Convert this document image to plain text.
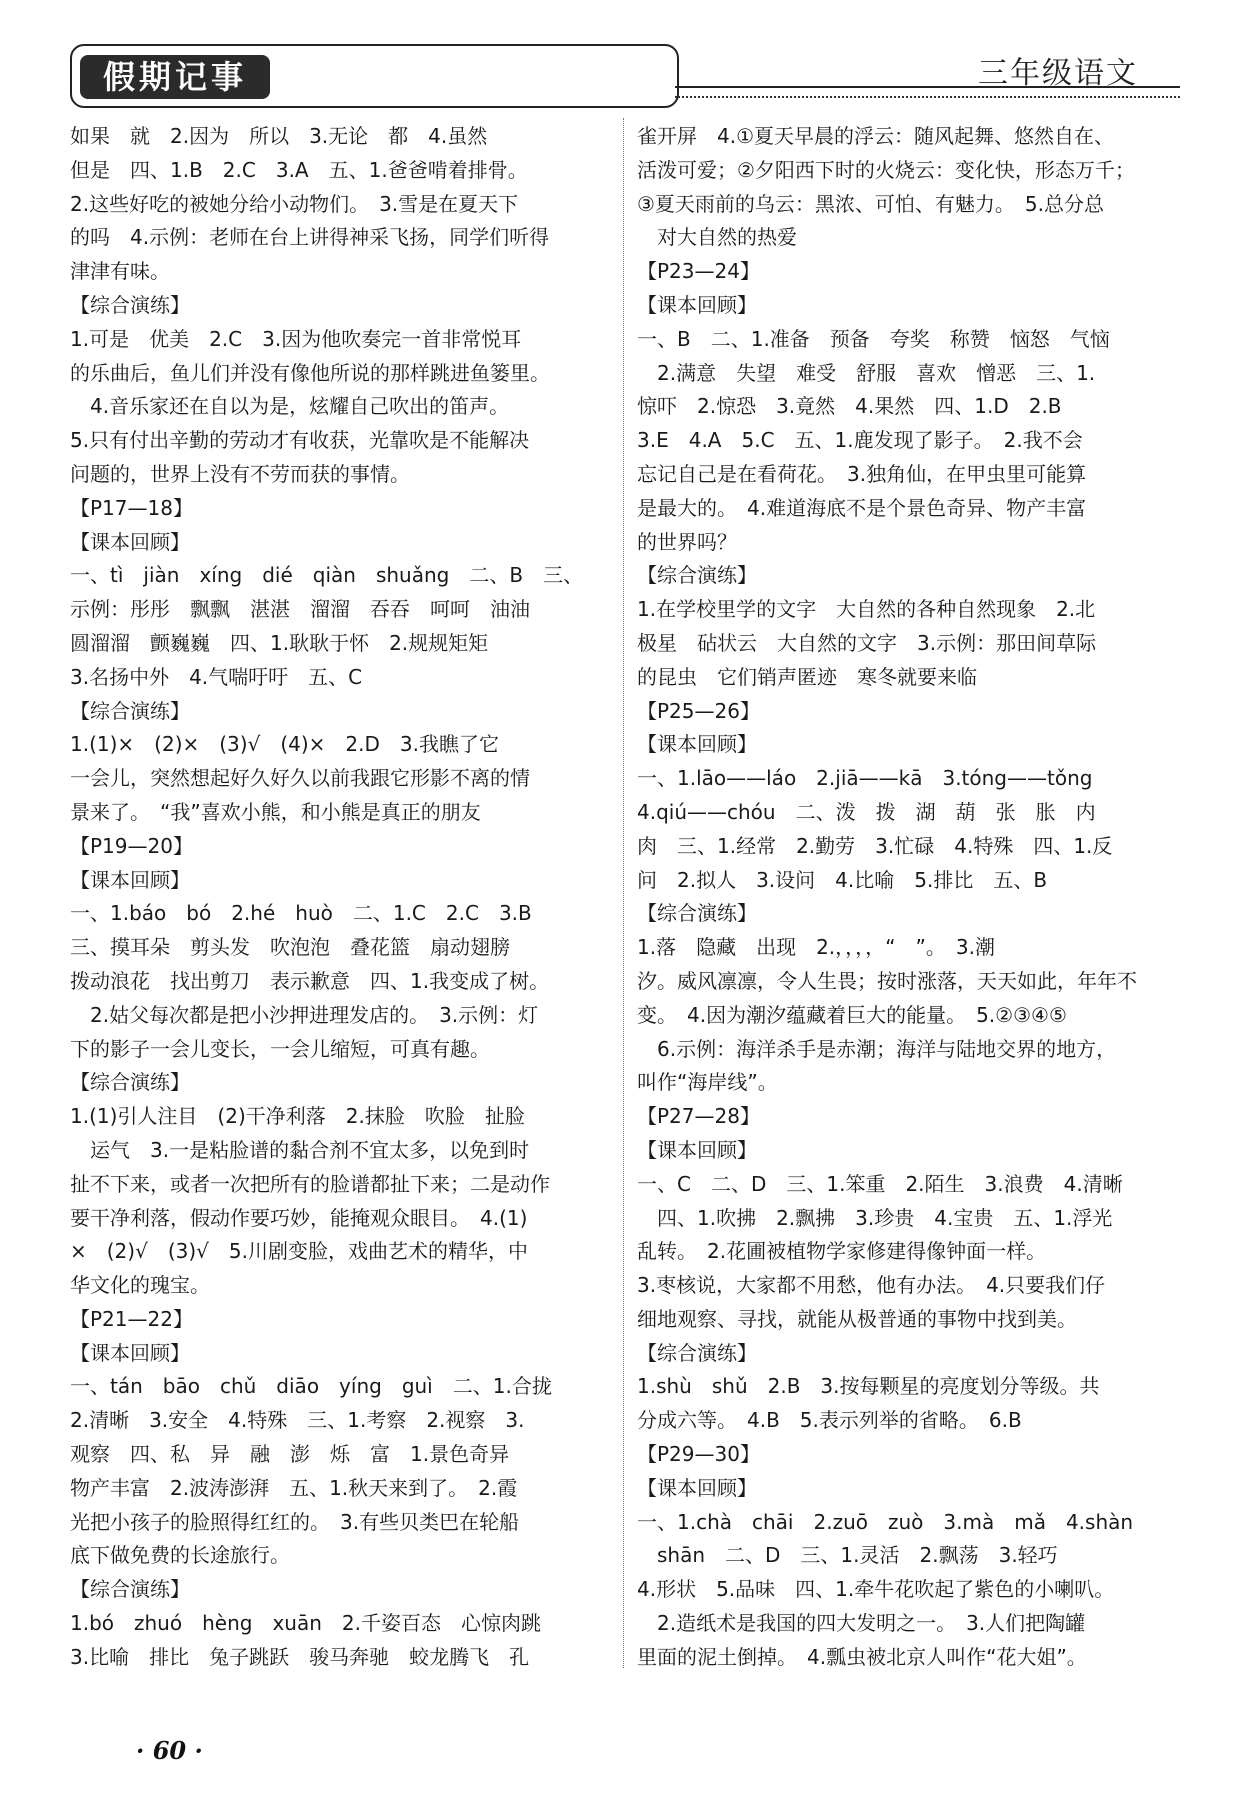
假期记事	三年级语文
如果　就　2.因为　所以　3.无论　都　4.虽然
但是　四、1.B　2.C　3.A　五、1.爸爸啃着排骨。
2.这些好吃的被她分给小动物们。　3.雪是在夏天下
的吗　4.示例：老师在台上讲得神采飞扬，同学们听得
津津有味。
【综合演练】
1.可是　优美　2.C　3.因为他吹奏完一首非常悦耳
的乐曲后，鱼儿们并没有像他所说的那样跳进鱼篓里。
　4.音乐家还在自以为是，炫耀自己吹出的笛声。
5.只有付出辛勤的劳动才有收获，光靠吹是不能解决
问题的，世界上没有不劳而获的事情。
【P17—18】
【课本回顾】
一、tì　jiàn　xíng　dié　qiàn　shuǎng　二、B　三、
示例：彤彤　飘飘　湛湛　溜溜　吞吞　呵呵　油油
圆溜溜　颤巍巍　四、1.耿耿于怀　2.规规矩矩
3.名扬中外　4.气喘吁吁　五、C
【综合演练】
1.(1)×　(2)×　(3)√　(4)×　2.D　3.我瞧了它
一会儿，突然想起好久好久以前我跟它形影不离的情
景来了。　“我”喜欢小熊，和小熊是真正的朋友
【P19—20】
【课本回顾】
一、1.báo　bó　2.hé　huò　二、1.C　2.C　3.B
三、摸耳朵　剪头发　吹泡泡　叠花篮　扇动翅膀
拨动浪花　找出剪刀　表示歉意　四、1.我变成了树。
　2.姑父每次都是把小沙押进理发店的。　3.示例：灯
下的影子一会儿变长，一会儿缩短，可真有趣。
【综合演练】
1.(1)引人注目　(2)干净利落　2.抹脸　吹脸　扯脸
　运气　3.一是粘脸谱的黏合剂不宜太多，以免到时
扯不下来，或者一次把所有的脸谱都扯下来；二是动作
要干净利落，假动作要巧妙，能掩观众眼目。　4.(1)
×　(2)√　(3)√　5.川剧变脸，戏曲艺术的精华，中
华文化的瑰宝。
【P21—22】
【课本回顾】
一、tán　bāo　chǔ　diāo　yíng　guì　二、1.合拢
2.清晰　3.安全　4.特殊　三、1.考察　2.视察　3.
观察　四、私　异　融　澎　烁　富　1.景色奇异
物产丰富　2.波涛澎湃　五、1.秋天来到了。　2.霞
光把小孩子的脸照得红红的。　3.有些贝类巴在轮船
底下做免费的长途旅行。
【综合演练】
1.bó　zhuó　hèng　xuān　2.千姿百态　心惊肉跳
3.比喻　排比　兔子跳跃　骏马奔驰　蛟龙腾飞　孔
雀开屏　4.①夏天早晨的浮云：随风起舞、悠然自在、
活泼可爱；②夕阳西下时的火烧云：变化快，形态万千；
③夏天雨前的乌云：黑浓、可怕、有魅力。　5.总分总
　对大自然的热爱
【P23—24】
【课本回顾】
一、B　二、1.准备　预备　夸奖　称赞　恼怒　气恼
　2.满意　失望　难受　舒服　喜欢　憎恶　三、1.
惊吓　2.惊恐　3.竟然　4.果然　四、1.D　2.B
3.E　4.A　5.C　五、1.鹿发现了影子。　2.我不会
忘记自己是在看荷花。　3.独角仙，在甲虫里可能算
是最大的。　4.难道海底不是个景色奇异、物产丰富
的世界吗？
【综合演练】
1.在学校里学的文字　大自然的各种自然现象　2.北
极星　砧状云　大自然的文字　3.示例：那田间草际
的昆虫　它们销声匿迹　寒冬就要来临
【P25—26】
【课本回顾】
一、1.lāo——láo　2.jiā——kā　3.tóng——tǒng
4.qiú——chóu　二、泼　拨　湖　葫　张　胀　内
肉　三、1.经常　2.勤劳　3.忙碌　4.特殊　四、1.反
问　2.拟人　3.设问　4.比喻　5.排比　五、B
【综合演练】
1.落　隐藏　出现　2.，，，，“　”。　3.潮
汐。威风凛凛，令人生畏；按时涨落，天天如此，年年不
变。　4.因为潮汐蕴藏着巨大的能量。　5.②③④⑤
　6.示例：海洋杀手是赤潮；海洋与陆地交界的地方，
叫作“海岸线”。
【P27—28】
【课本回顾】
一、C　二、D　三、1.笨重　2.陌生　3.浪费　4.清晰
　四、1.吹拂　2.飘拂　3.珍贵　4.宝贵　五、1.浮光
乱转。　2.花圃被植物学家修建得像钟面一样。
3.枣核说，大家都不用愁，他有办法。　4.只要我们仔
细地观察、寻找，就能从极普通的事物中找到美。
【综合演练】
1.shù　shǔ　2.B　3.按每颗星的亮度划分等级。共
分成六等。　4.B　5.表示列举的省略。　6.B
【P29—30】
【课本回顾】
一、1.chà　chāi　2.zuō　zuò　3.mà　mǎ　4.shàn
　shān　二、D　三、1.灵活　2.飘荡　3.轻巧
4.形状　5.品味　四、1.牵牛花吹起了紫色的小喇叭。
　2.造纸术是我国的四大发明之一。　3.人们把陶罐
里面的泥土倒掉。　4.瓢虫被北京人叫作“花大姐”。
· 60 ·
